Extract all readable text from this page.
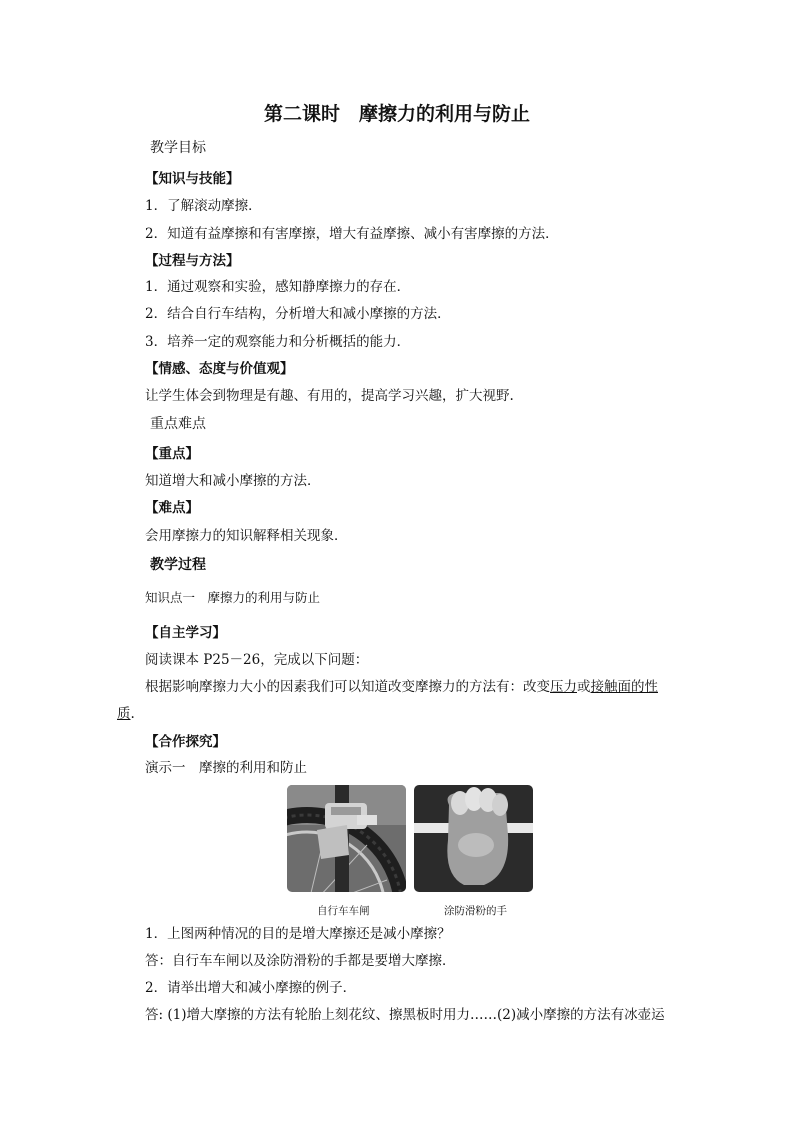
第二课时　摩擦力的利用与防止
教学目标
【知识与技能】
1．了解滚动摩擦．
2．知道有益摩擦和有害摩擦，增大有益摩擦、减小有害摩擦的方法．
【过程与方法】
1．通过观察和实验，感知静摩擦力的存在．
2．结合自行车结构，分析增大和减小摩擦的方法．
3．培养一定的观察能力和分析概括的能力．
【情感、态度与价值观】
让学生体会到物理是有趣、有用的，提高学习兴趣，扩大视野.
重点难点
【重点】
知道增大和减小摩擦的方法．
【难点】
会用摩擦力的知识解释相关现象．
教学过程
知识点一　摩擦力的利用与防止
【自主学习】
阅读课本 P25－26，完成以下问题：
根据影响摩擦力大小的因素我们可以知道改变摩擦力的方法有：改变压力或接触面的性
质.
【合作探究】
演示一　摩擦的利用和防止
自行车车闸	涂防滑粉的手
1．上图两种情况的目的是增大摩擦还是减小摩擦？
答：自行车车闸以及涂防滑粉的手都是要增大摩擦．
2．请举出增大和减小摩擦的例子．
答: (1)增大摩擦的方法有轮胎上刻花纹、擦黑板时用力……(2)减小摩擦的方法有冰壶运
